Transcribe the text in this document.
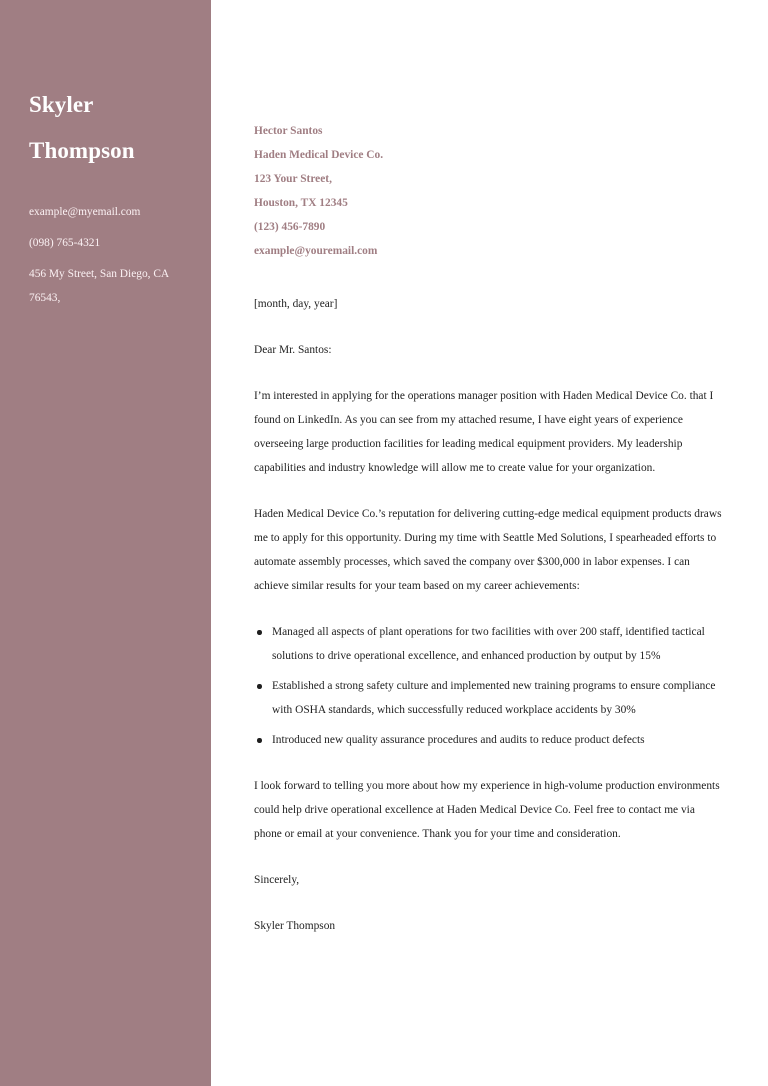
Skyler
Thompson
example@myemail.com
(098) 765-4321
456 My Street, San Diego, CA
76543,
Hector Santos
Haden Medical Device Co.
123 Your Street,
Houston, TX 12345
(123) 456-7890
example@youremail.com

[month, day, year]

Dear Mr. Santos:

I’m interested in applying for the operations manager position with Haden Medical Device Co. that I found on LinkedIn. As you can see from my attached resume, I have eight years of experience overseeing large production facilities for leading medical equipment providers. My leadership capabilities and industry knowledge will allow me to create value for your organization.

Haden Medical Device Co.’s reputation for delivering cutting-edge medical equipment products draws me to apply for this opportunity. During my time with Seattle Med Solutions, I spearheaded efforts to automate assembly processes, which saved the company over $300,000 in labor expenses. I can achieve similar results for your team based on my career achievements:

Managed all aspects of plant operations for two facilities with over 200 staff, identified tactical solutions to drive operational excellence, and enhanced production by output by 15%
Established a strong safety culture and implemented new training programs to ensure compliance with OSHA standards, which successfully reduced workplace accidents by 30%
Introduced new quality assurance procedures and audits to reduce product defects

I look forward to telling you more about how my experience in high-volume production environments could help drive operational excellence at Haden Medical Device Co. Feel free to contact me via phone or email at your convenience. Thank you for your time and consideration.

Sincerely,

Skyler Thompson
